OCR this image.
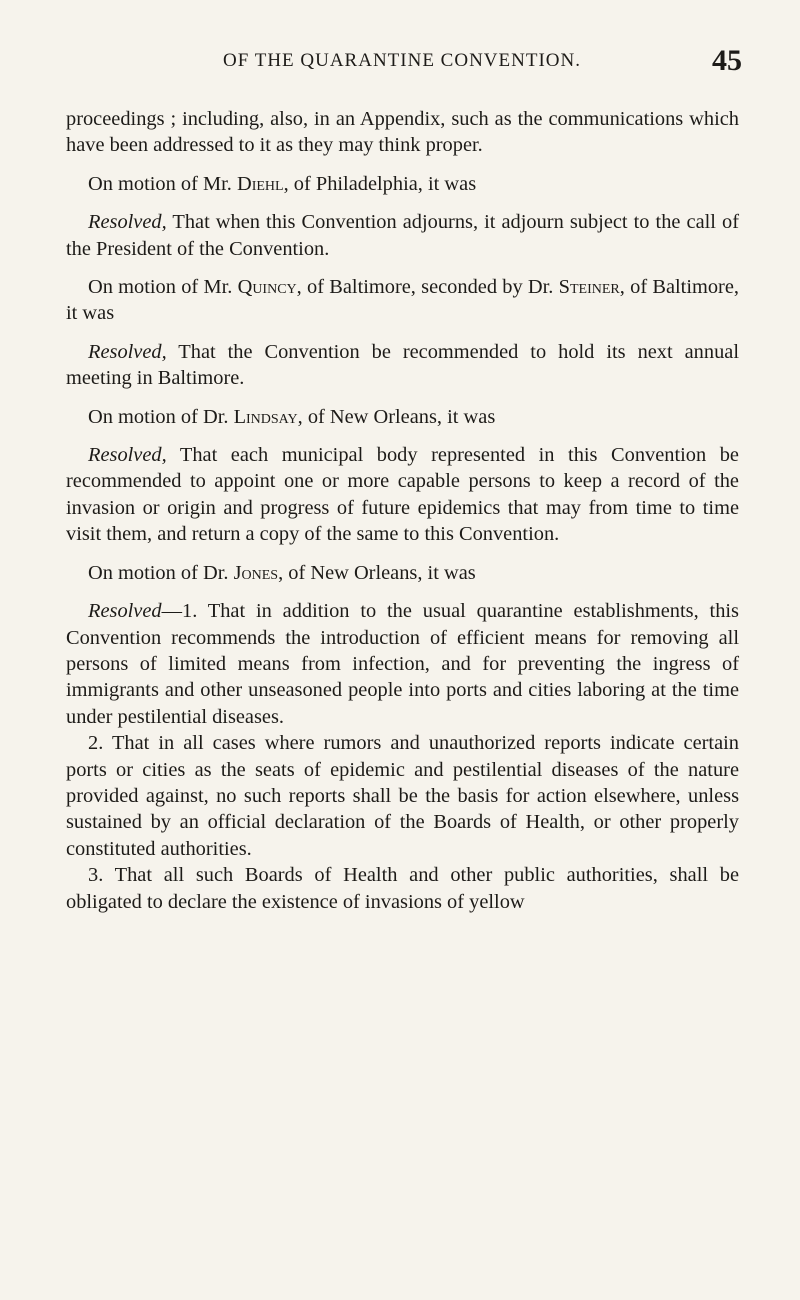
OF THE QUARANTINE CONVENTION.	45

proceedings ; including, also, in an Appendix, such as the communications which have been addressed to it as they may think proper.

On motion of Mr. Diehl, of Philadelphia, it was

Resolved, That when this Convention adjourns, it adjourn subject to the call of the President of the Convention.

On motion of Mr. Quincy, of Baltimore, seconded by Dr. Steiner, of Baltimore, it was

Resolved, That the Convention be recommended to hold its next annual meeting in Baltimore.

On motion of Dr. Lindsay, of New Orleans, it was

Resolved, That each municipal body represented in this Convention be recommended to appoint one or more capable persons to keep a record of the invasion or origin and progress of future epidemics that may from time to time visit them, and return a copy of the same to this Convention.

On motion of Dr. Jones, of New Orleans, it was

Resolved—1. That in addition to the usual quarantine establishments, this Convention recommends the introduction of efficient means for removing all persons of limited means from infection, and for preventing the ingress of immigrants and other unseasoned people into ports and cities laboring at the time under pestilential diseases.

2. That in all cases where rumors and unauthorized reports indicate certain ports or cities as the seats of epidemic and pestilential diseases of the nature provided against, no such reports shall be the basis for action elsewhere, unless sustained by an official declaration of the Boards of Health, or other properly constituted authorities.

3. That all such Boards of Health and other public authorities, shall be obligated to declare the existence of invasions of yellow
